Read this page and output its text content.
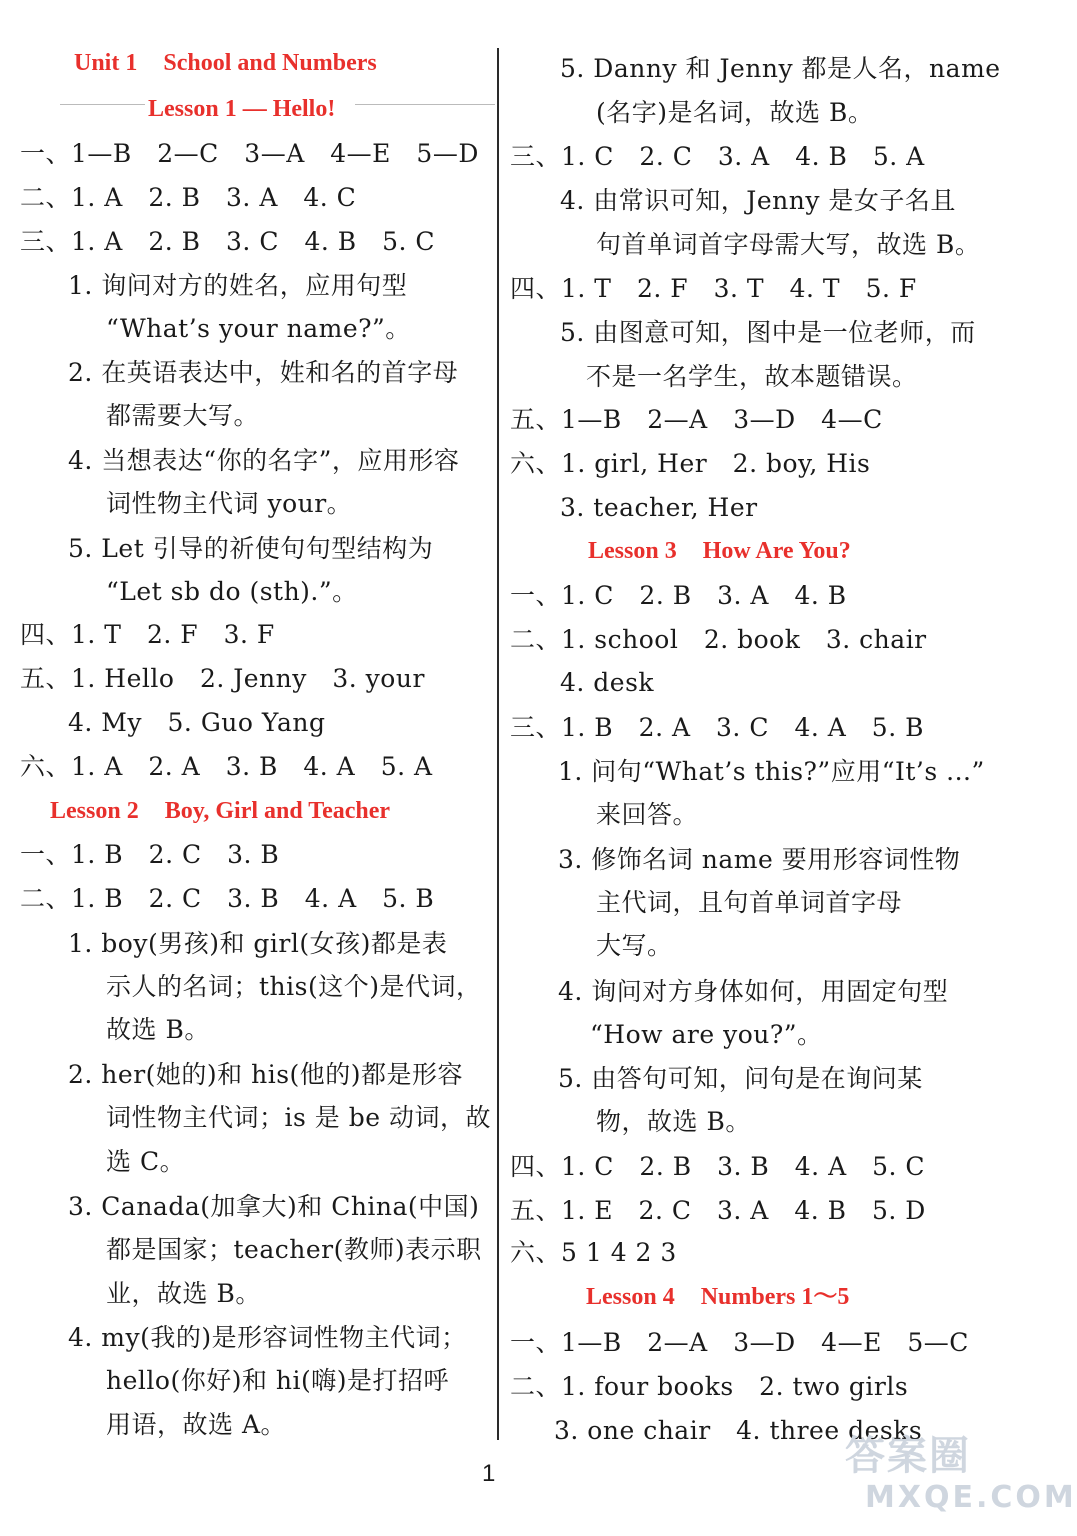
Unit 1 School and Numbers
Lesson 1 — Hello!
一、1—B　2—C　3—A　4—E　5—D
二、1. A　2. B　3. A　4. C
三、1. A　2. B　3. C　4. B　5. C
1. 询问对方的姓名，应用句型
“What’s your name?”。
2. 在英语表达中，姓和名的首字母
都需要大写。
4. 当想表达“你的名字”，应用形容
词性物主代词 your。
5. Let 引导的祈使句句型结构为
“Let sb do (sth).”。
四、1. T　2. F　3. F
五、1. Hello　2. Jenny　3. your
4. My　5. Guo Yang
六、1. A　2. A　3. B　4. A　5. A
Lesson 2 Boy, Girl and Teacher
一、1. B　2. C　3. B
二、1. B　2. C　3. B　4. A　5. B
1. boy(男孩)和 girl(女孩)都是表
示人的名词；this(这个)是代词，
故选 B。
2. her(她的)和 his(他的)都是形容
词性物主代词；is 是 be 动词，故
选 C。
3. Canada(加拿大)和 China(中国)
都是国家；teacher(教师)表示职
业，故选 B。
4. my(我的)是形容词性物主代词；
hello(你好)和 hi(嗨)是打招呼
用语，故选 A。
5. Danny 和 Jenny 都是人名，name
(名字)是名词，故选 B。
三、1. C　2. C　3. A　4. B　5. A
4. 由常识可知，Jenny 是女子名且
句首单词首字母需大写，故选 B。
四、1. T　2. F　3. T　4. T　5. F
5. 由图意可知，图中是一位老师，而
不是一名学生，故本题错误。
五、1—B　2—A　3—D　4—C
六、1. girl, Her　2. boy, His
3. teacher, Her
Lesson 3 How Are You?
一、1. C　2. B　3. A　4. B
二、1. school　2. book　3. chair
4. desk
三、1. B　2. A　3. C　4. A　5. B
1. 问句“What’s this?”应用“It’s ...”
来回答。
3. 修饰名词 name 要用形容词性物
主代词，且句首单词首字母
大写。
4. 询问对方身体如何，用固定句型
“How are you?”。
5. 由答句可知，问句是在询问某
物，故选 B。
四、1. C　2. B　3. B　4. A　5. C
五、1. E　2. C　3. A　4. B　5. D
六、5 1 4 2 3
Lesson 4 Numbers 1～5
一、1—B　2—A　3—D　4—E　5—C
二、1. four books　2. two girls
3. one chair　4. three desks
1	答案圈
MXQE.COM
